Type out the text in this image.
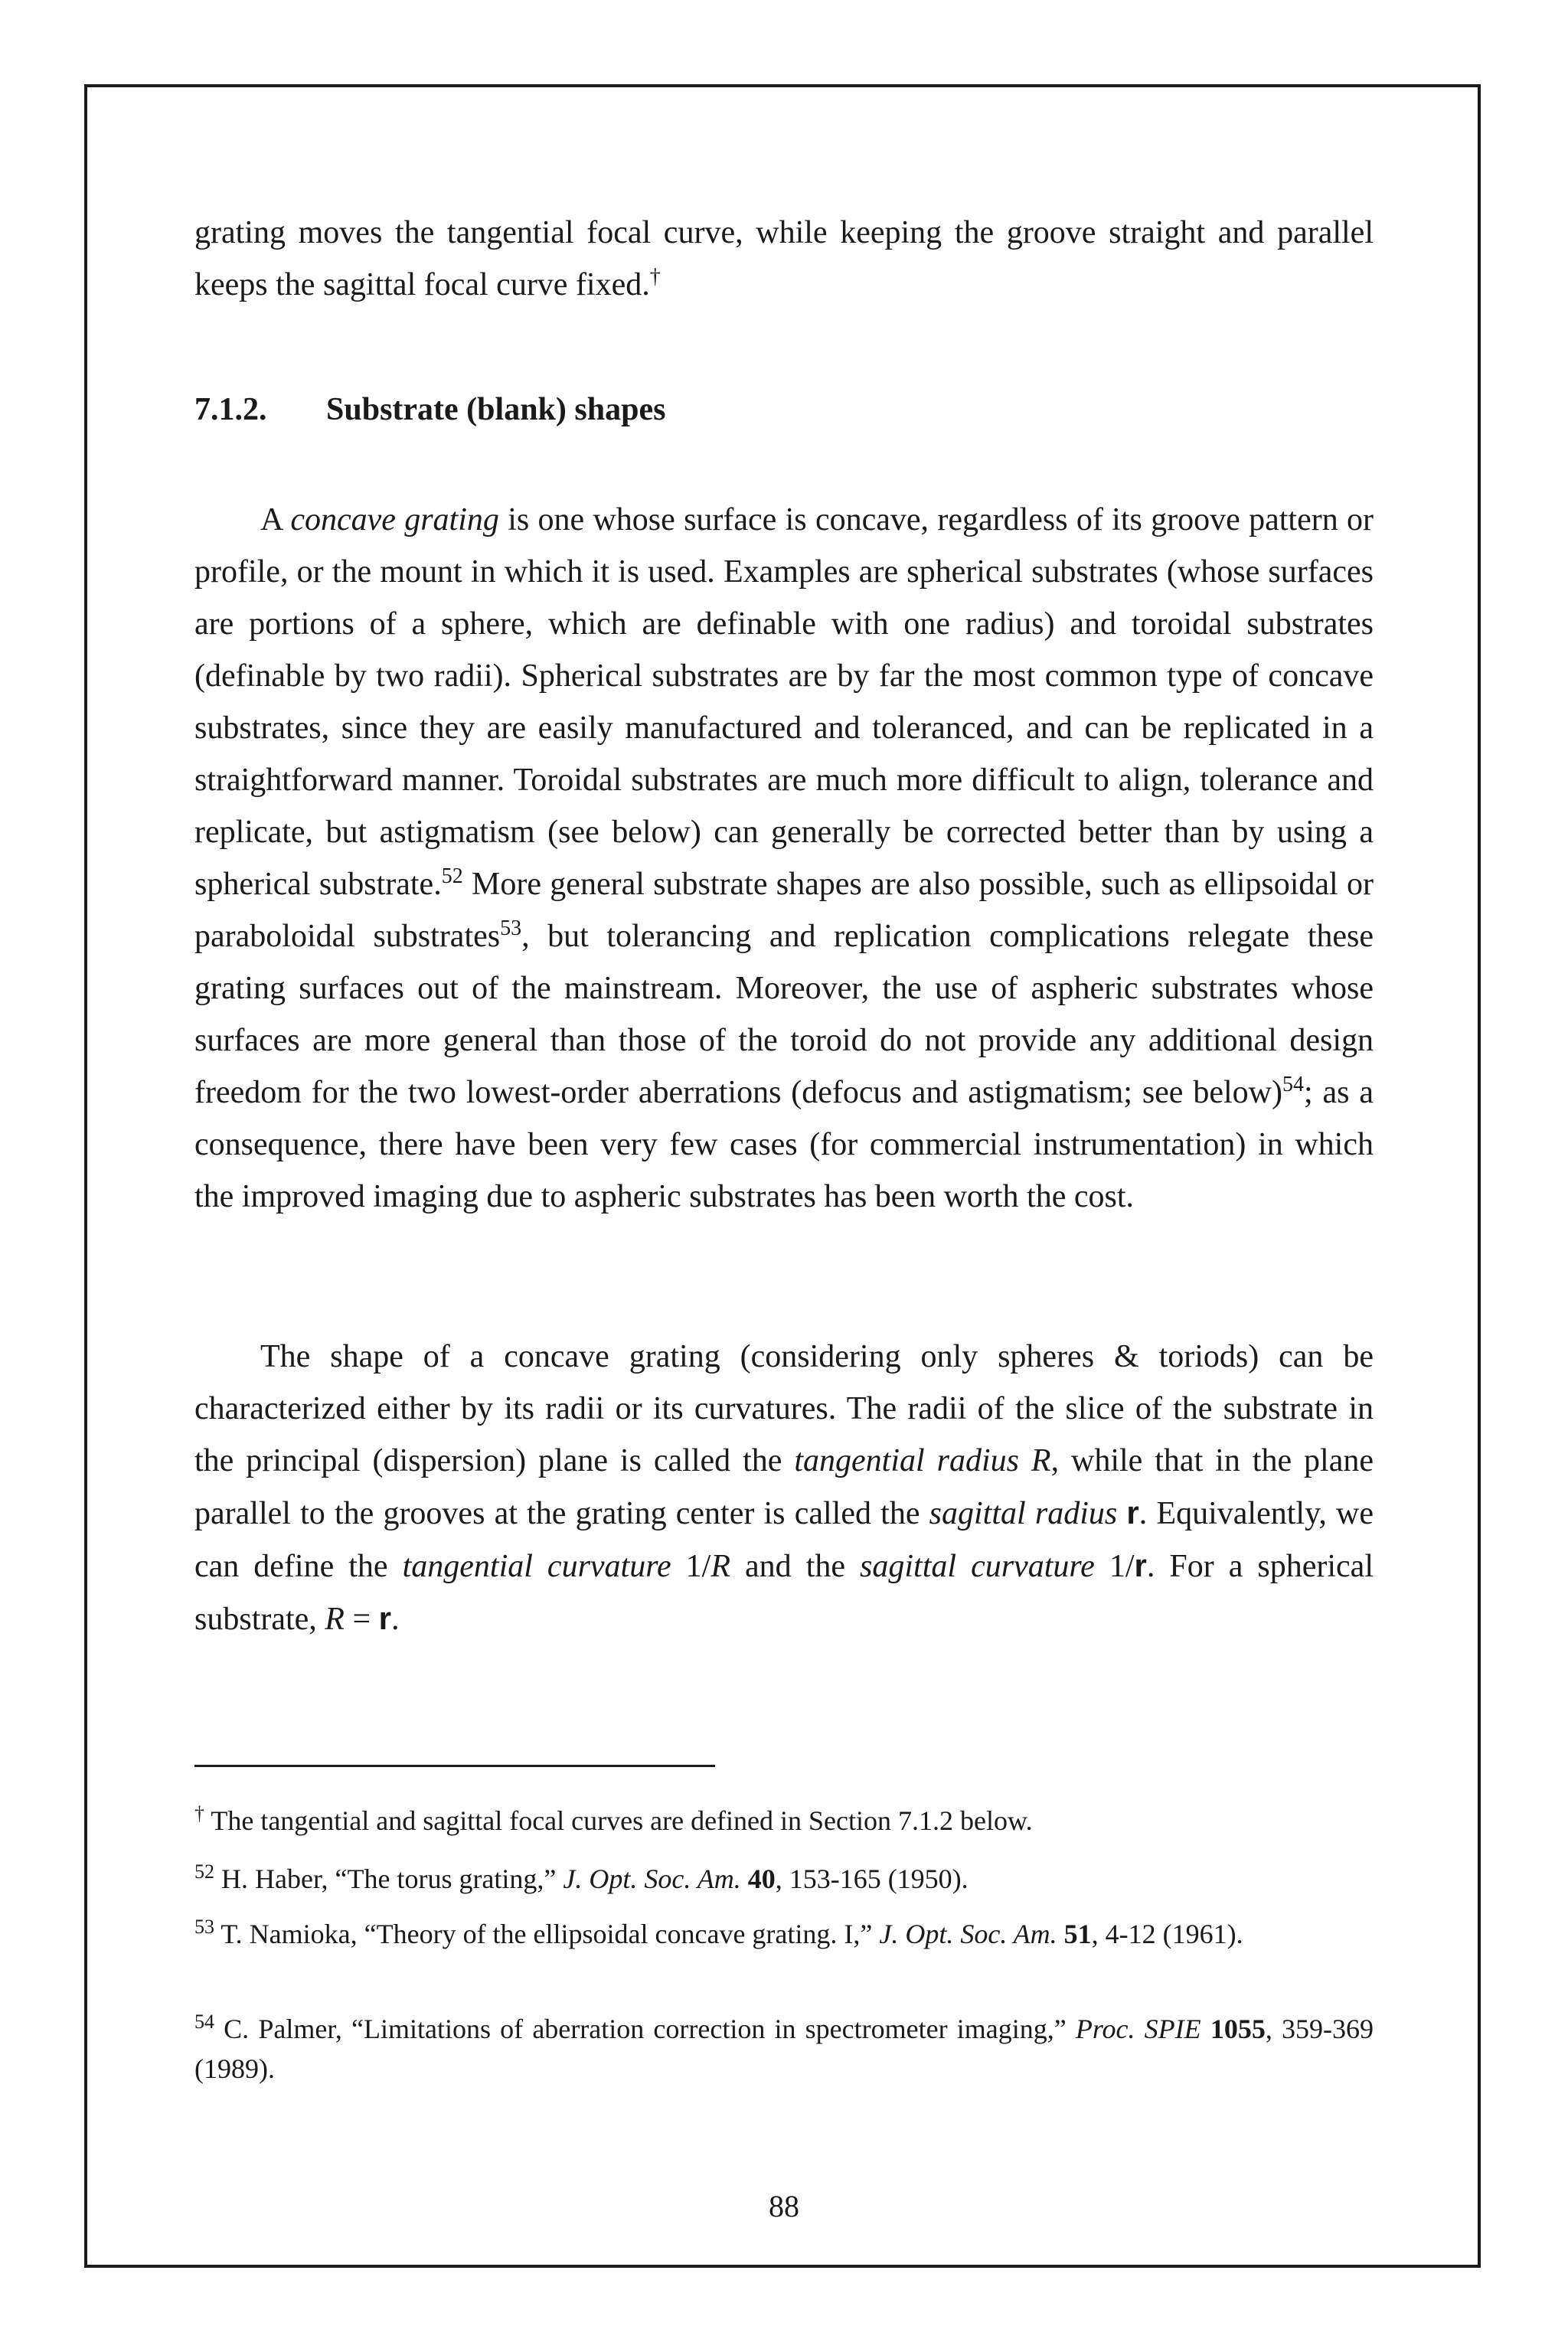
grating moves the tangential focal curve, while keeping the groove straight and parallel keeps the sagittal focal curve fixed.†

7.1.2. Substrate (blank) shapes

A concave grating is one whose surface is concave, regardless of its groove pattern or profile, or the mount in which it is used. Examples are spherical substrates (whose surfaces are portions of a sphere, which are definable with one radius) and toroidal substrates (definable by two radii). Spherical substrates are by far the most common type of concave substrates, since they are easily manufactured and toleranced, and can be replicated in a straightforward manner. Toroidal substrates are much more difficult to align, tolerance and replicate, but astigmatism (see below) can generally be corrected better than by using a spherical substrate.$^{52}$ More general substrate shapes are also possible, such as ellipsoidal or paraboloidal substrates$^{53}$, but tolerancing and replication complications relegate these grating surfaces out of the mainstream. Moreover, the use of aspheric substrates whose surfaces are more general than those of the toroid do not provide any additional design freedom for the two lowest-order aberrations (defocus and astigmatism; see below)$^{54}$; as a consequence, there have been very few cases (for commercial instrumentation) in which the improved imaging due to aspheric substrates has been worth the cost.

The shape of a concave grating (considering only spheres & toriods) can be characterized either by its radii or its curvatures. The radii of the slice of the substrate in the principal (dispersion) plane is called the tangential radius R, while that in the plane parallel to the grooves at the grating center is called the sagittal radius r. Equivalently, we can define the tangential curvature 1/R and the sagittal curvature 1/r. For a spherical substrate, R = r.

† The tangential and sagittal focal curves are defined in Section 7.1.2 below.

$^{52}$ H. Haber, “The torus grating,” J. Opt. Soc. Am. 40, 153-165 (1950).

$^{53}$ T. Namioka, “Theory of the ellipsoidal concave grating. I,” J. Opt. Soc. Am. 51, 4-12 (1961).

$^{54}$ C. Palmer, “Limitations of aberration correction in spectrometer imaging,” Proc. SPIE 1055, 359-369 (1989).

88
